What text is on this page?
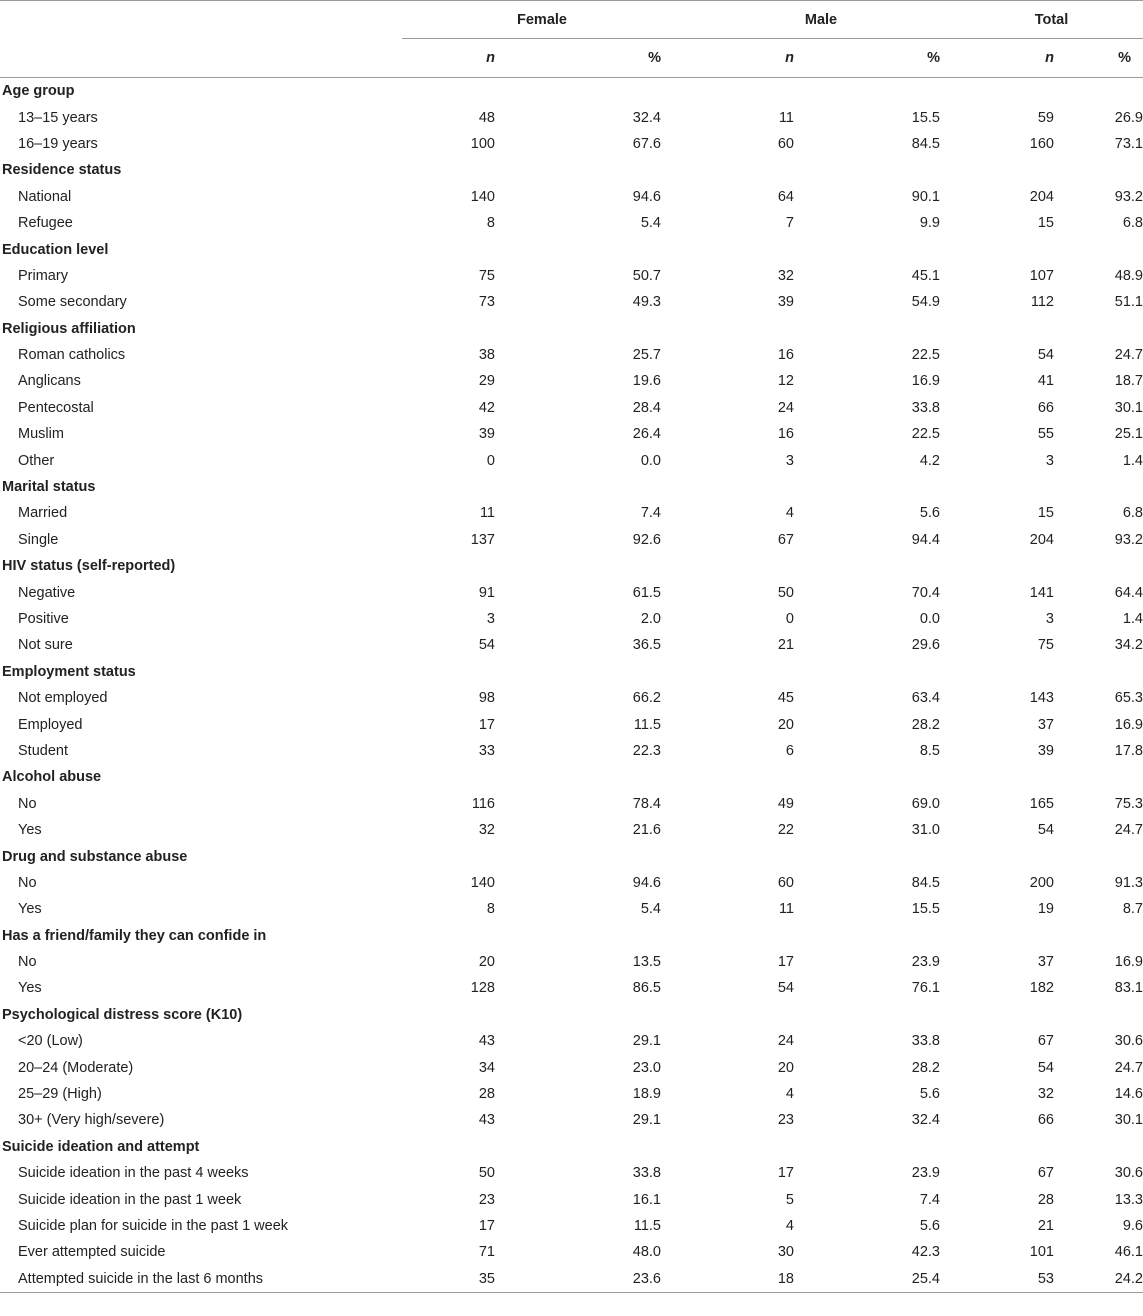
	Female		Male		Total	

	n	%	n	%	n	%

Age group						
13–15 years	48	32.4	11	15.5	59	26.9
16–19 years	100	67.6	60	84.5	160	73.1
Residence status						
National	140	94.6	64	90.1	204	93.2
Refugee	8	5.4	7	9.9	15	6.8
Education level						
Primary	75	50.7	32	45.1	107	48.9
Some secondary	73	49.3	39	54.9	112	51.1
Religious affiliation						
Roman catholics	38	25.7	16	22.5	54	24.7
Anglicans	29	19.6	12	16.9	41	18.7
Pentecostal	42	28.4	24	33.8	66	30.1
Muslim	39	26.4	16	22.5	55	25.1
Other	0	0.0	3	4.2	3	1.4
Marital status						
Married	11	7.4	4	5.6	15	6.8
Single	137	92.6	67	94.4	204	93.2
HIV status (self-reported)						
Negative	91	61.5	50	70.4	141	64.4
Positive	3	2.0	0	0.0	3	1.4
Not sure	54	36.5	21	29.6	75	34.2
Employment status						
Not employed	98	66.2	45	63.4	143	65.3
Employed	17	11.5	20	28.2	37	16.9
Student	33	22.3	6	8.5	39	17.8
Alcohol abuse						
No	116	78.4	49	69.0	165	75.3
Yes	32	21.6	22	31.0	54	24.7
Drug and substance abuse						
No	140	94.6	60	84.5	200	91.3
Yes	8	5.4	11	15.5	19	8.7
Has a friend/family they can confide in						
No	20	13.5	17	23.9	37	16.9
Yes	128	86.5	54	76.1	182	83.1
Psychological distress score (K10)						
<20 (Low)	43	29.1	24	33.8	67	30.6
20–24 (Moderate)	34	23.0	20	28.2	54	24.7
25–29 (High)	28	18.9	4	5.6	32	14.6
30+ (Very high/severe)	43	29.1	23	32.4	66	30.1
Suicide ideation and attempt						
Suicide ideation in the past 4 weeks	50	33.8	17	23.9	67	30.6
Suicide ideation in the past 1 week	23	16.1	5	7.4	28	13.3
Suicide plan for suicide in the past 1 week	17	11.5	4	5.6	21	9.6
Ever attempted suicide	71	48.0	30	42.3	101	46.1
Attempted suicide in the last 6 months	35	23.6	18	25.4	53	24.2
